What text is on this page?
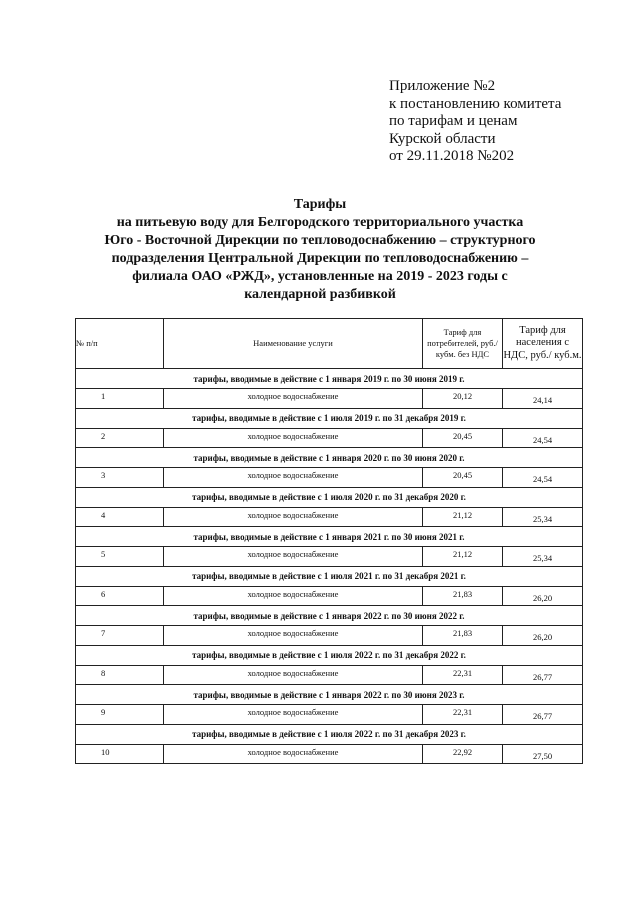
Приложение №2
к постановлению комитета
по тарифам и ценам
Курской области
от 29.11.2018 №202
Тарифы
на питьевую воду для Белгородского территориального участка
Юго - Восточной Дирекции по тепловодоснабжению – структурного
подразделения Центральной Дирекции по тепловодоснабжению –
филиала ОАО «РЖД», установленные на 2019 - 2023 годы с
календарной разбивкой
№ п/п	Наименование услуги	Тариф для потребителей, руб./ кубм. без НДС	Тариф для населения с НДС, руб./ куб.м.
тарифы, вводимые в действие с 1 января 2019 г. по 30 июня 2019 г.			
1	холодное водоснабжение	20,12	24,14
тарифы, вводимые в действие с 1 июля 2019 г. по 31 декабря 2019 г.			
2	холодное водоснабжение	20,45	24,54
тарифы, вводимые в действие с 1 января 2020 г. по 30 июня 2020 г.			
3	холодное водоснабжение	20,45	24,54
тарифы, вводимые в действие с 1 июля 2020 г. по 31 декабря 2020 г.			
4	холодное водоснабжение	21,12	25,34
тарифы, вводимые в действие с 1 января 2021 г. по 30 июня 2021 г.			
5	холодное водоснабжение	21,12	25,34
тарифы, вводимые в действие с 1 июля 2021 г. по 31 декабря 2021 г.			
6	холодное водоснабжение	21,83	26,20
тарифы, вводимые в действие с 1 января 2022 г. по 30 июня 2022 г.			
7	холодное водоснабжение	21,83	26,20
тарифы, вводимые в действие с 1 июля 2022 г. по 31 декабря 2022 г.			
8	холодное водоснабжение	22,31	26,77
тарифы, вводимые в действие с 1 января 2022 г. по 30 июня 2023 г.			
9	холодное водоснабжение	22,31	26,77
тарифы, вводимые в действие с 1 июля 2022 г. по 31 декабря 2023 г.			
10	холодное водоснабжение	22,92	27,50
